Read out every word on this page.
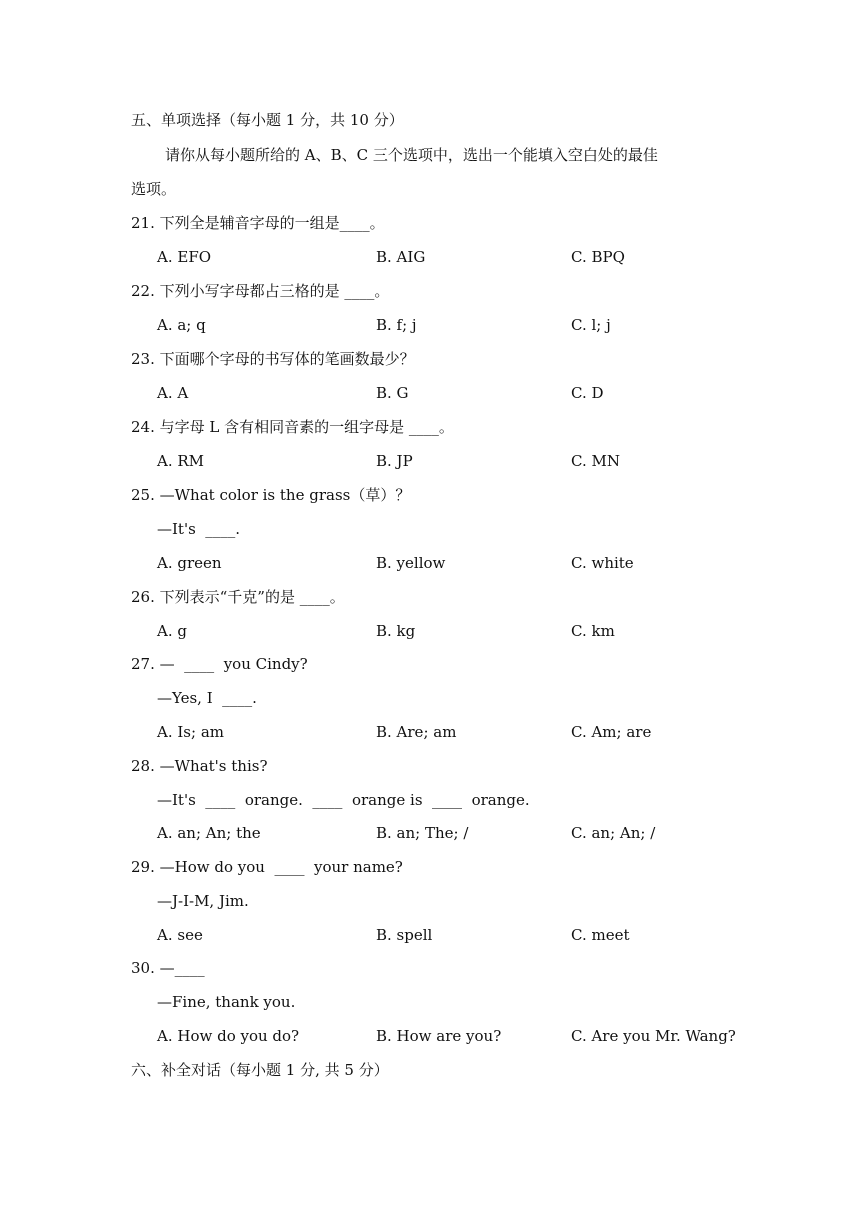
五、单项选择（每小题 1 分，共 10 分）
请你从每小题所给的 A、B、C 三个选项中，选出一个能填入空白处的最佳
选项。
21. 下列全是辅音字母的一组是____。
A. EFO	B. AIG	C. BPQ
22. 下列小写字母都占三格的是 ____。
A. a; q	B. f; j	C. l; j
23. 下面哪个字母的书写体的笔画数最少？
A. A	B. G	C. D
24. 与字母 L 含有相同音素的一组字母是 ____。
A. RM	B. JP	C. MN
25. —What color is the grass（草）？
—It's  ____.
A. green	B. yellow	C. white
26. 下列表示“千克”的是 ____。
A. g	B. kg	C. km
27. —  ____  you Cindy?
—Yes, I  ____.
A. Is; am	B. Are; am	C. Am; are
28. —What's this?
—It's  ____  orange.  ____  orange is  ____  orange.
A. an; An; the	B. an; The; /	C. an; An; /
29. —How do you  ____  your name?
—J-I-M, Jim.
A. see	B. spell	C. meet
30. —____
—Fine, thank you.
A. How do you do?	B. How are you?	C. Are you Mr. Wang?
六、补全对话（每小题 1 分, 共 5 分）
